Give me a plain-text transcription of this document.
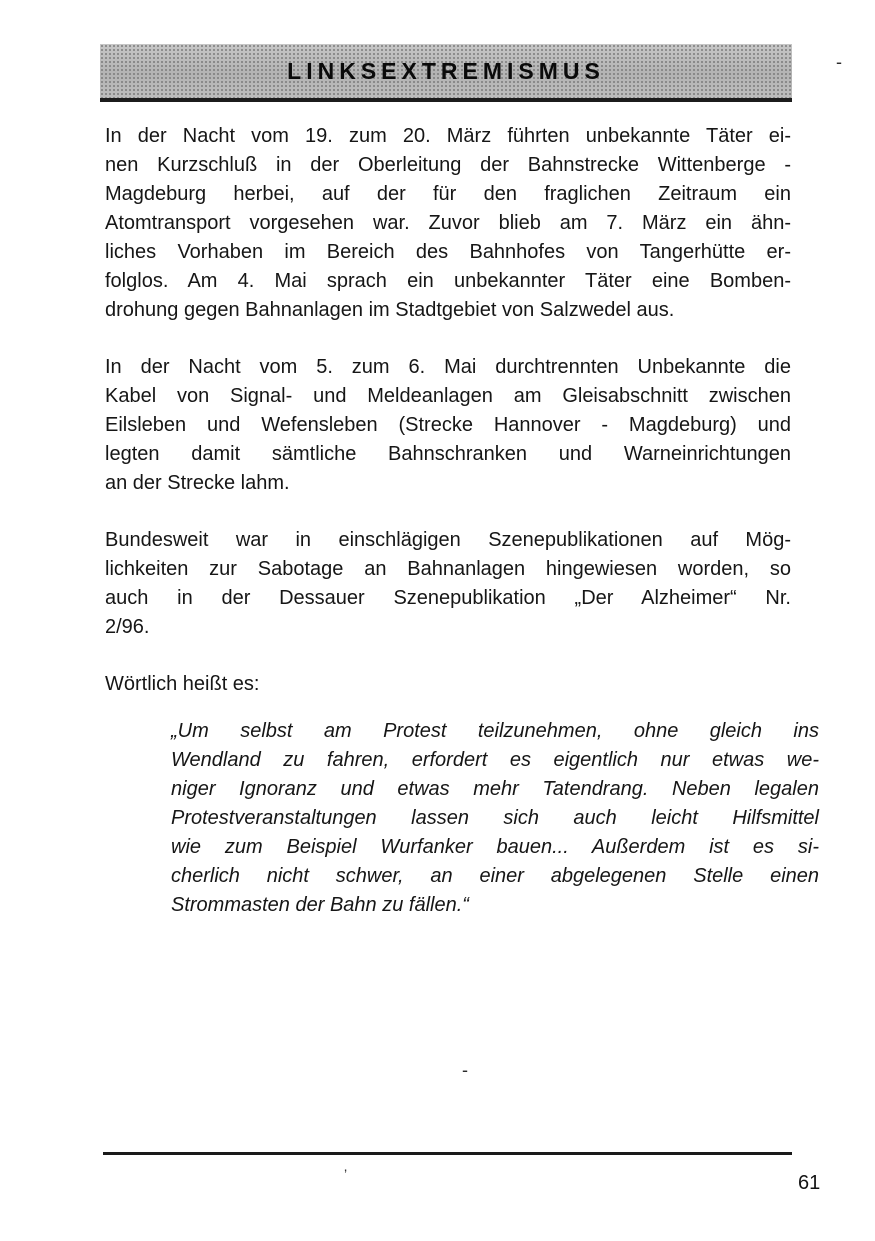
LINKSEXTREMISMUS	-
In der Nacht vom 19. zum 20. März führten unbekannte Täter ei-
nen Kurzschluß in der Oberleitung der Bahnstrecke Wittenberge -
Magdeburg herbei, auf der für den fraglichen Zeitraum ein
Atomtransport vorgesehen war. Zuvor blieb am 7. März ein ähn-
liches Vorhaben im Bereich des Bahnhofes von Tangerhütte er-
folglos. Am 4. Mai sprach ein unbekannter Täter eine Bomben-
drohung gegen Bahnanlagen im Stadtgebiet von Salzwedel aus.
In der Nacht vom 5. zum 6. Mai durchtrennten Unbekannte die
Kabel von Signal- und Meldeanlagen am Gleisabschnitt zwischen
Eilsleben und Wefensleben (Strecke Hannover - Magdeburg) und
legten damit sämtliche Bahnschranken und Warneinrichtungen
an der Strecke lahm.
Bundesweit war in einschlägigen Szenepublikationen auf Mög-
lichkeiten zur Sabotage an Bahnanlagen hingewiesen worden, so
auch in der Dessauer Szenepublikation „Der Alzheimer“ Nr.
2/96.
Wörtlich heißt es:
„Um selbst am Protest teilzunehmen, ohne gleich ins
Wendland zu fahren, erfordert es eigentlich nur etwas we-
niger Ignoranz und etwas mehr Tatendrang. Neben legalen
Protestveranstaltungen lassen sich auch leicht Hilfsmittel
wie zum Beispiel Wurfanker bauen... Außerdem ist es si-
cherlich nicht schwer, an einer abgelegenen Stelle einen
Strommasten der Bahn zu fällen.“
-
’	61
